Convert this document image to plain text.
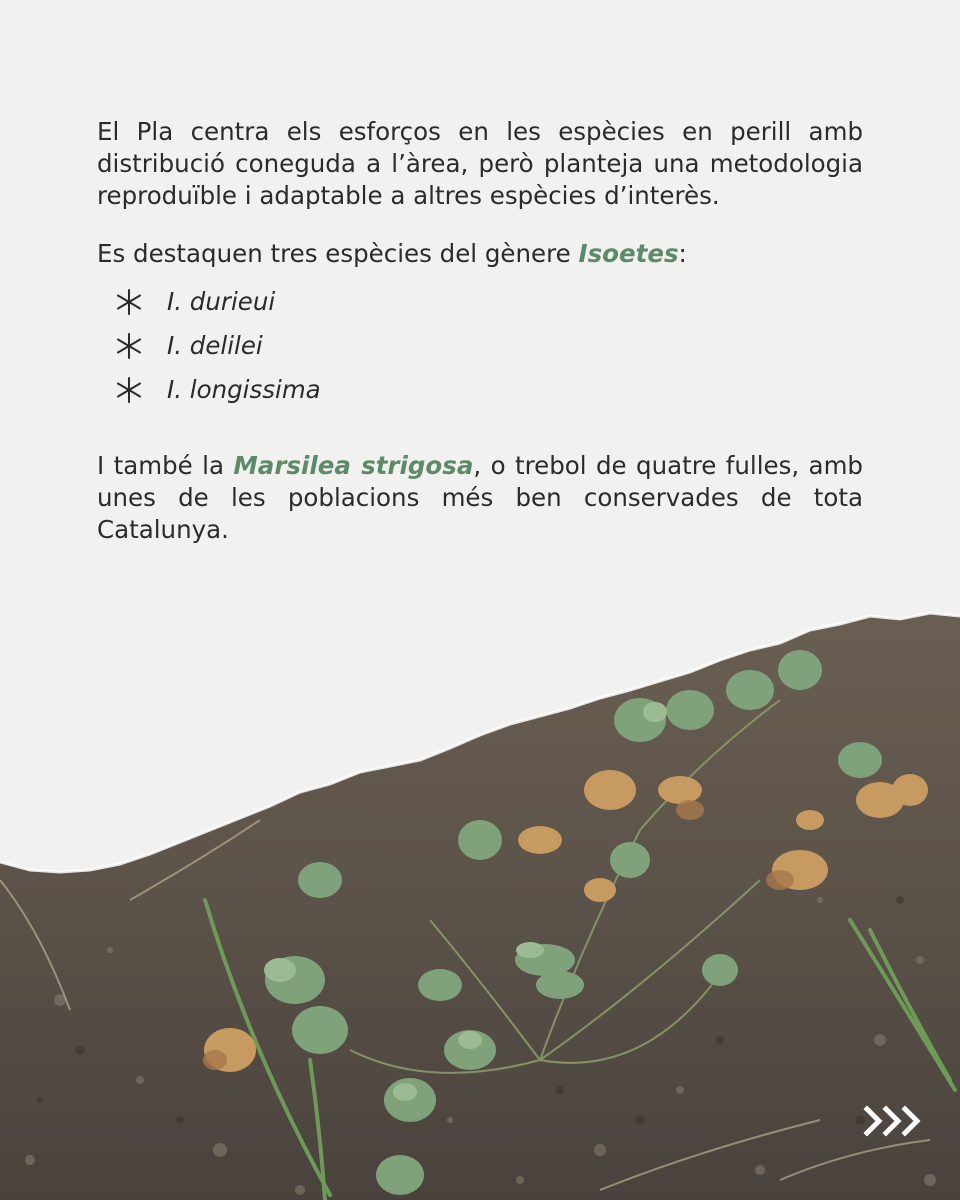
El Pla centra els esforços en les espècies en perill amb distribució coneguda a l’àrea, però planteja una metodologia reproduïble i adaptable a altres espècies d’interès.

Es destaquen tres espècies del gènere Isoetes:

I. durieui
I. delilei
I. longissima

I també la Marsilea strigosa, o trebol de quatre fulles, amb unes de les poblacions més ben conservades de tota Catalunya.
